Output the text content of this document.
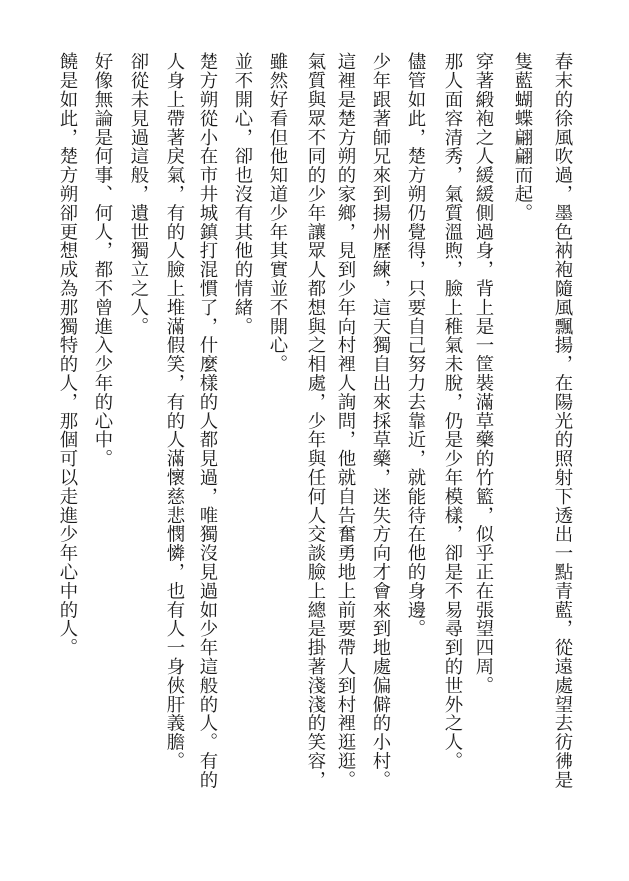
春末的徐風吹過，墨色衲袍隨風飄揚，在陽光的照射下透出一點青藍，從遠處望去彷彿是
隻藍蝴蝶翩翩而起。
穿著緞袍之人緩緩側過身，背上是一筐裝滿草藥的竹籃，似乎正在張望四周。
那人面容清秀，氣質溫煦，臉上稚氣未脫，仍是少年模樣，卻是不易尋到的世外之人。
儘管如此，楚方朔仍覺得，只要自己努力去靠近，就能待在他的身邊。
少年跟著師兄來到揚州歷練，這天獨自出來採草藥，迷失方向才會來到地處偏僻的小村。
這裡是楚方朔的家鄉，見到少年向村裡人詢問，他就自告奮勇地上前要帶人到村裡逛逛。
氣質與眾不同的少年讓眾人都想與之相處，少年與任何人交談臉上總是掛著淺淺的笑容，
雖然好看但他知道少年其實並不開心。
並不開心，卻也沒有其他的情緒。
楚方朔從小在市井城鎮打混慣了，什麼樣的人都見過，唯獨沒見過如少年這般的人。有的
人身上帶著戾氣，有的人臉上堆滿假笑，有的人滿懷慈悲憫憐，也有人一身俠肝義膽。
卻從未見過這般，遺世獨立之人。
好像無論是何事、何人，都不曾進入少年的心中。
饒是如此，楚方朔卻更想成為那獨特的人，那個可以走進少年心中的人。
